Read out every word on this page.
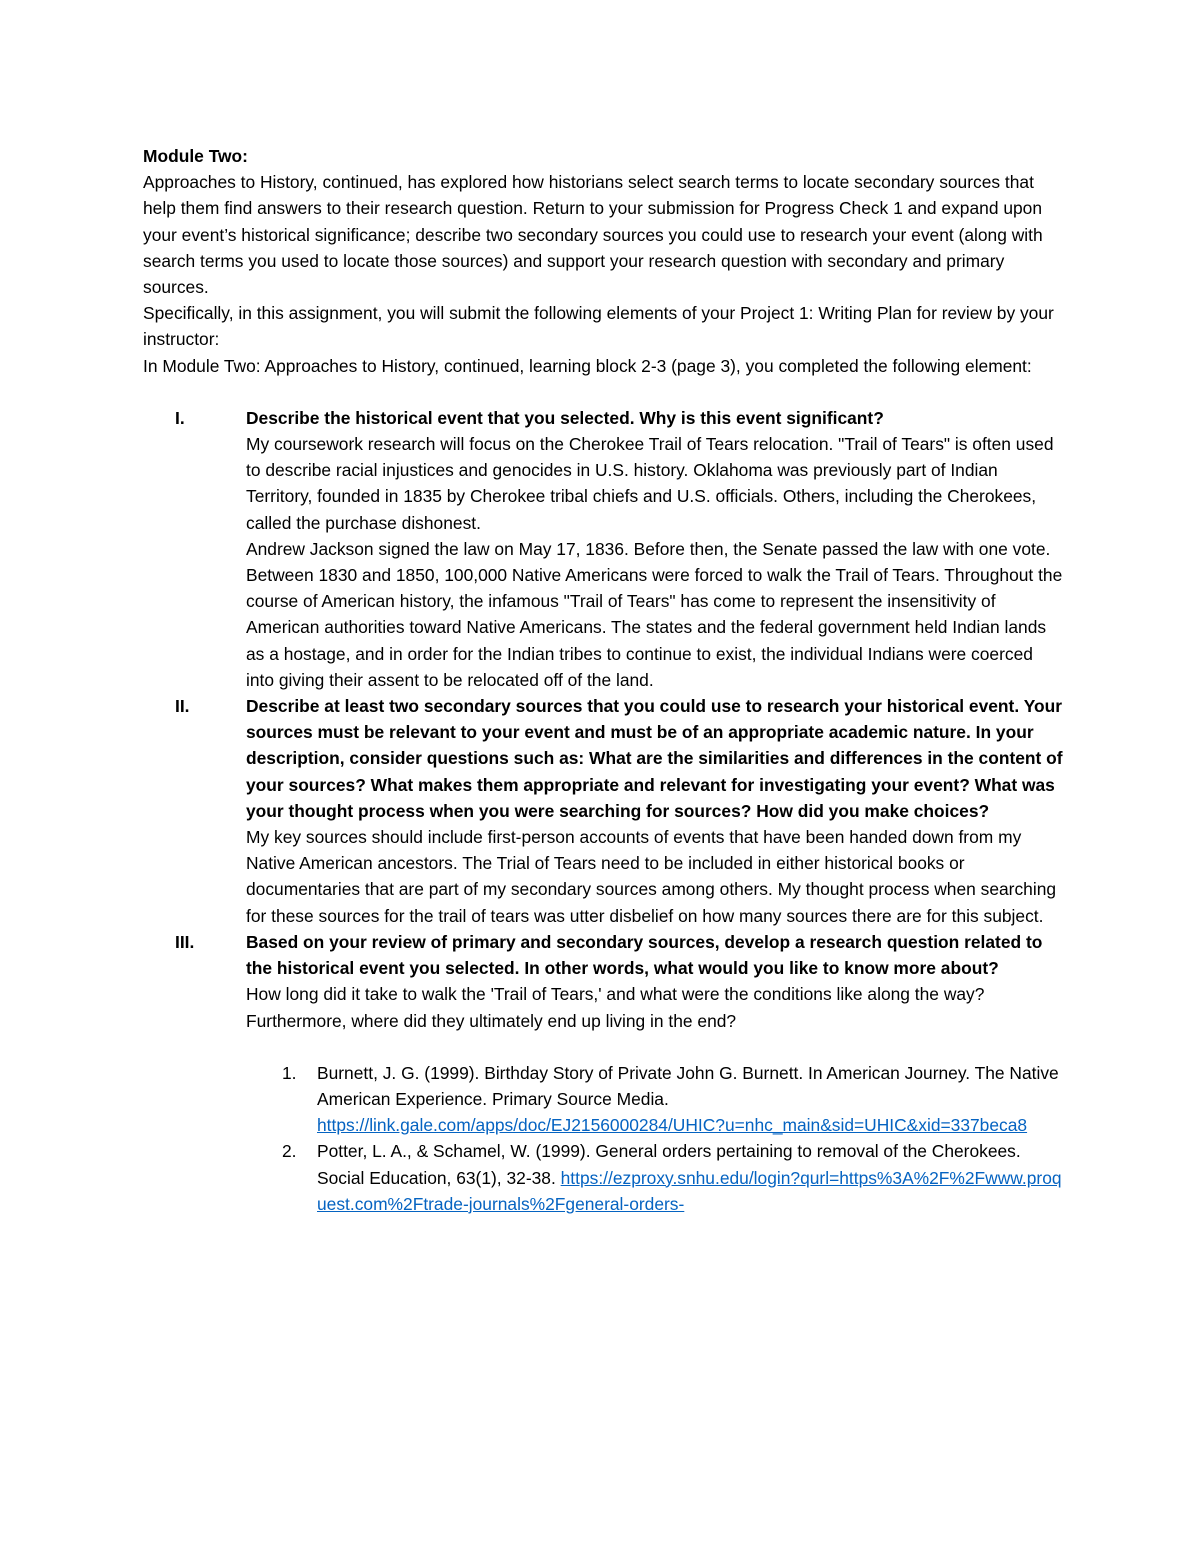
Module Two:

Approaches to History, continued, has explored how historians select search terms to locate secondary sources that help them find answers to their research question. Return to your submission for Progress Check 1 and expand upon your event’s historical significance; describe two secondary sources you could use to research your event (along with search terms you used to locate those sources) and support your research question with secondary and primary sources.

Specifically, in this assignment, you will submit the following elements of your Project 1: Writing Plan for review by your instructor:

In Module Two: Approaches to History, continued, learning block 2-3 (page 3), you completed the following element:

I.	Describe the historical event that you selected. Why is this event significant?

My coursework research will focus on the Cherokee Trail of Tears relocation. "Trail of Tears" is often used to describe racial injustices and genocides in U.S. history. Oklahoma was previously part of Indian Territory, founded in 1835 by Cherokee tribal chiefs and U.S. officials. Others, including the Cherokees, called the purchase dishonest.

Andrew Jackson signed the law on May 17, 1836. Before then, the Senate passed the law with one vote. Between 1830 and 1850, 100,000 Native Americans were forced to walk the Trail of Tears. Throughout the course of American history, the infamous "Trail of Tears" has come to represent the insensitivity of American authorities toward Native Americans. The states and the federal government held Indian lands as a hostage, and in order for the Indian tribes to continue to exist, the individual Indians were coerced into giving their assent to be relocated off of the land.

II.	Describe at least two secondary sources that you could use to research your historical event. Your sources must be relevant to your event and must be of an appropriate academic nature. In your description, consider questions such as: What are the similarities and differences in the content of your sources? What makes them appropriate and relevant for investigating your event? What was your thought process when you were searching for sources? How did you make choices?

My key sources should include first-person accounts of events that have been handed down from my Native American ancestors. The Trial of Tears need to be included in either historical books or documentaries that are part of my secondary sources among others. My thought process when searching for these sources for the trail of tears was utter disbelief on how many sources there are for this subject.

III.	Based on your review of primary and secondary sources, develop a research question related to the historical event you selected. In other words, what would you like to know more about?

How long did it take to walk the 'Trail of Tears,' and what were the conditions like along the way? Furthermore, where did they ultimately end up living in the end?

1. Burnett, J. G. (1999). Birthday Story of Private John G. Burnett. In American Journey. The Native American Experience. Primary Source Media.
https://link.gale.com/apps/doc/EJ2156000284/UHIC?u=nhc_main&sid=UHIC&xid=337beca8
2. Potter, L. A., & Schamel, W. (1999). General orders pertaining to removal of the Cherokees. Social Education, 63(1), 32-38. https://ezproxy.snhu.edu/login?qurl=https%3A%2F%2Fwww.proquest.com%2Ftrade-journals%2Fgeneral-orders-
